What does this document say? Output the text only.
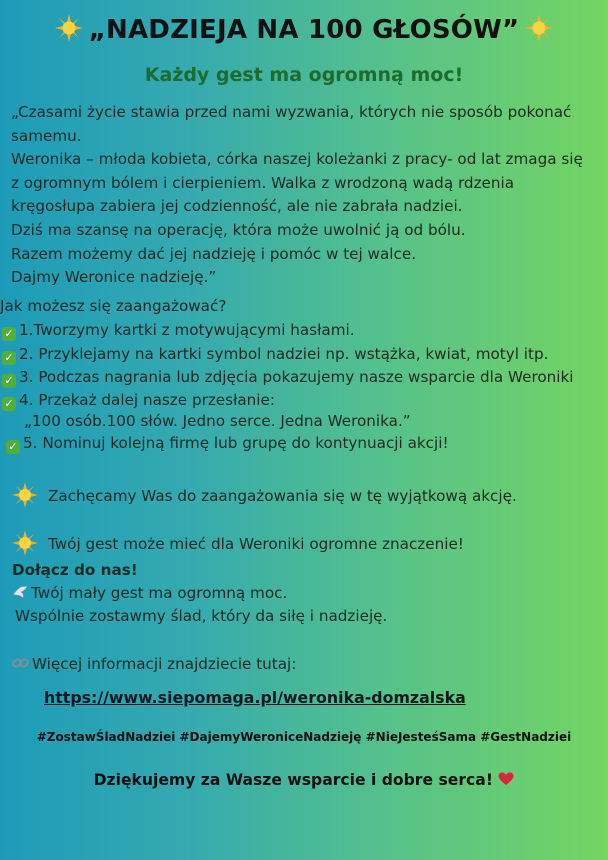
„NADZIEJA NA 100 GŁOSÓW”
Każdy gest ma ogromną moc!
„Czasami życie stawia przed nami wyzwania, których nie sposób pokonać
samemu.
Weronika – młoda kobieta, córka naszej koleżanki z pracy- od lat zmaga się
z ogromnym bólem i cierpieniem. Walka z wrodzoną wadą rdzenia
kręgosłupa zabiera jej codzienność, ale nie zabrała nadziei.
Dziś ma szansę na operację, która może uwolnić ją od bólu.
Razem możemy dać jej nadzieję i pomóc w tej walce.
Dajmy Weronice nadzieję.”
Jak możesz się zaangażować?
✓ 1.Tworzymy kartki z motywującymi hasłami.
✓ 2. Przyklejamy na kartki symbol nadziei np. wstążka, kwiat, motyl itp.
✓ 3. Podczas nagrania lub zdjęcia pokazujemy nasze wsparcie dla Weroniki
✓ 4. Przekaż dalej nasze przesłanie:
„100 osób.100 słów. Jedno serce. Jedna Weronika.”
✓ 5. Nominuj kolejną firmę lub grupę do kontynuacji akcji!
Zachęcamy Was do zaangażowania się w tę wyjątkową akcję.
Twój gest może mieć dla Weroniki ogromne znaczenie!
Dołącz do nas!
Twój mały gest ma ogromną moc.
Wspólnie zostawmy ślad, który da siłę i nadzieję.
Więcej informacji znajdziecie tutaj:
https://www.siepomaga.pl/weronika-domzalska
#ZostawŚladNadziei #DajemyWeronicеNadzieję #NieJesteśSama #GestNadziei
Dziękujemy za Wasze wsparcie i dobre serca!
